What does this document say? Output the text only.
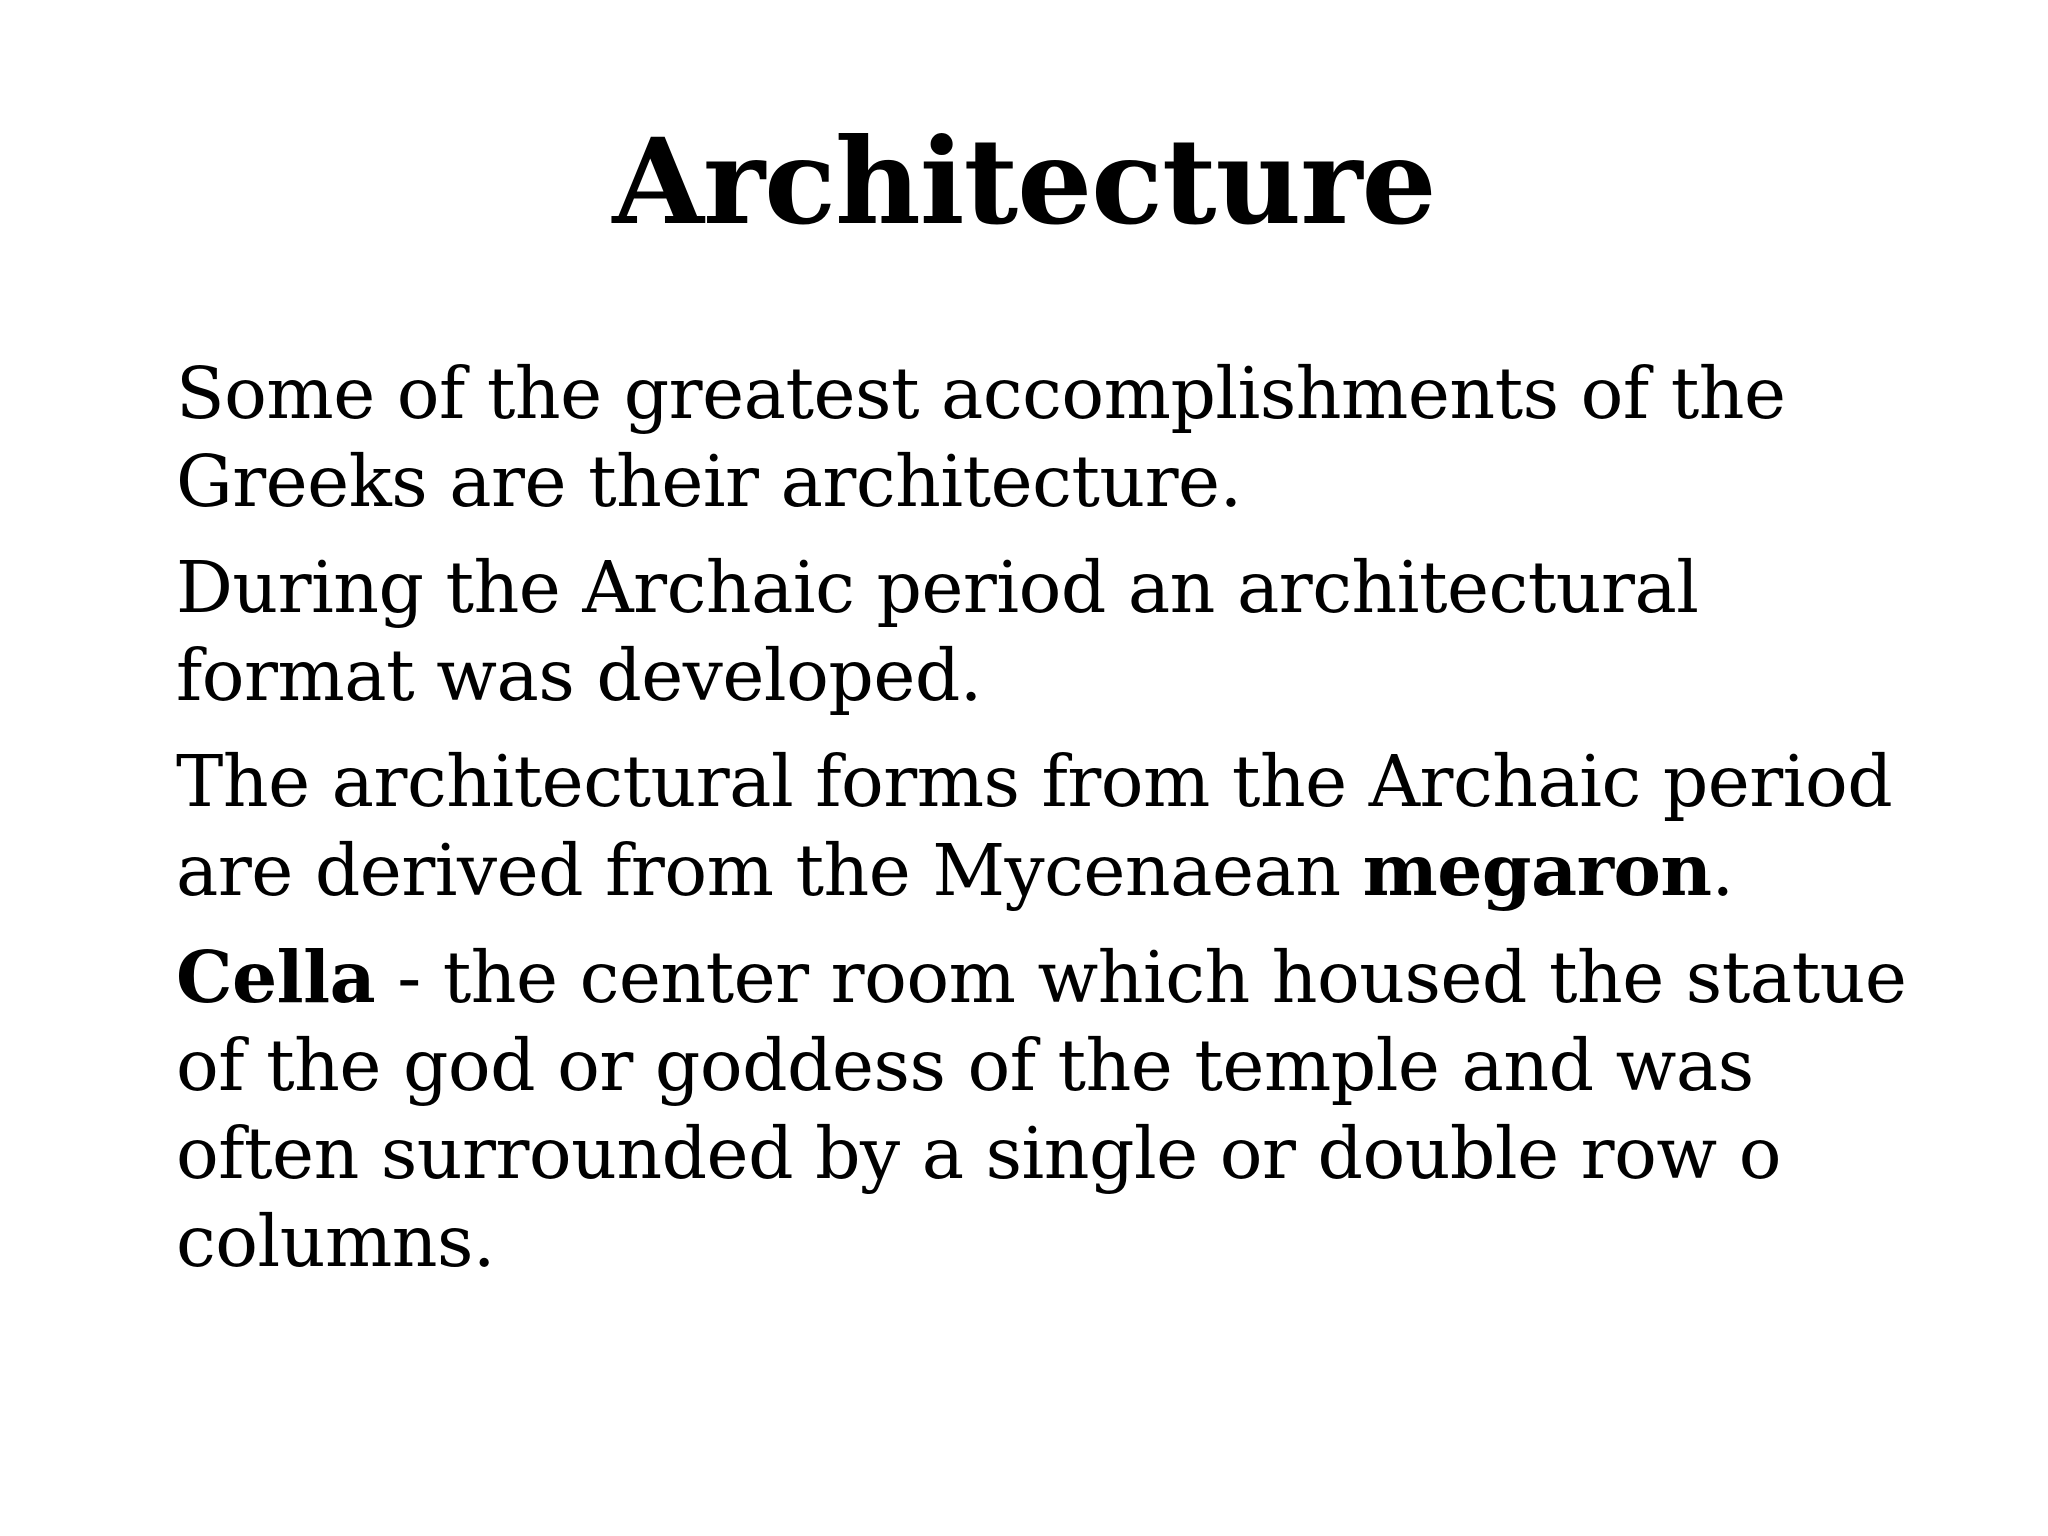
Architecture

Some of the greatest accomplishments of the
Greeks are their architecture.

During the Archaic period an architectural
format was developed.

The architectural forms from the Archaic period
are derived from the Mycenaean megaron.

Cella - the center room which housed the statue
of the god or goddess of the temple and was
often surrounded by a single or double row o
columns.
